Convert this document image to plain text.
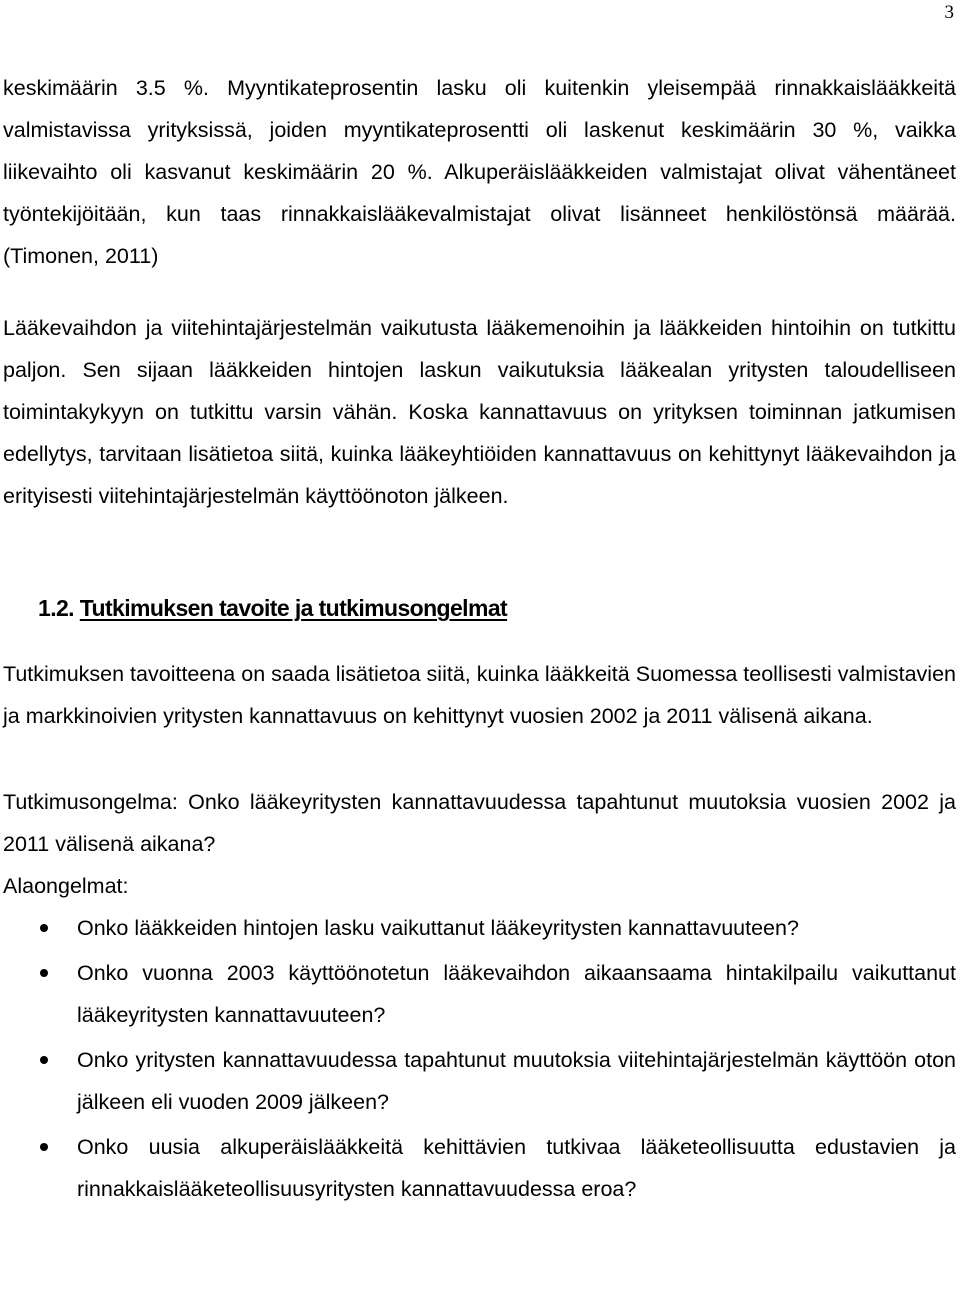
3

keskimäärin 3.5 %. Myyntikateprosentin lasku oli kuitenkin yleisempää rinnakkaislääkkeitä valmistavissa yrityksissä, joiden myyntikateprosentti oli laskenut keskimäärin 30 %, vaikka liikevaihto oli kasvanut keskimäärin 20 %. Alkuperäislääkkeiden valmistajat olivat vähentäneet työntekijöitään, kun taas rinnakkaislääkevalmistajat olivat lisänneet henkilöstönsä määrää. (Timonen, 2011)

Lääkevaihdon ja viitehintajärjestelmän vaikutusta lääkemenoihin ja lääkkeiden hintoihin on tutkittu paljon. Sen sijaan lääkkeiden hintojen laskun vaikutuksia lääkealan yritysten taloudelliseen toimintakykyyn on tutkittu varsin vähän. Koska kannattavuus on yrityksen toiminnan jatkumisen edellytys, tarvitaan lisätietoa siitä, kuinka lääkeyhtiöiden kannattavuus on kehittynyt lääkevaihdon ja erityisesti viitehintajärjestelmän käyttöönoton jälkeen.

1.2. Tutkimuksen tavoite ja tutkimusongelmat

Tutkimuksen tavoitteena on saada lisätietoa siitä, kuinka lääkkeitä Suomessa teollisesti valmistavien ja markkinoivien yritysten kannattavuus on kehittynyt vuosien 2002 ja 2011 välisenä aikana.

Tutkimusongelma: Onko lääkeyritysten kannattavuudessa tapahtunut muutoksia vuosien 2002 ja 2011 välisenä aikana?

Alaongelmat:

Onko lääkkeiden hintojen lasku vaikuttanut lääkeyritysten kannattavuuteen?
Onko vuonna 2003 käyttöönotetun lääkevaihdon aikaansaama hintakilpailu vaikuttanut lääkeyritysten kannattavuuteen?
Onko yritysten kannattavuudessa tapahtunut muutoksia viitehintajärjestelmän käyttöön oton jälkeen eli vuoden 2009 jälkeen?
Onko uusia alkuperäislääkkeitä kehittävien tutkivaa lääketeollisuutta edustavien ja rinnakkaislääketeollisuusyritysten kannattavuudessa eroa?
